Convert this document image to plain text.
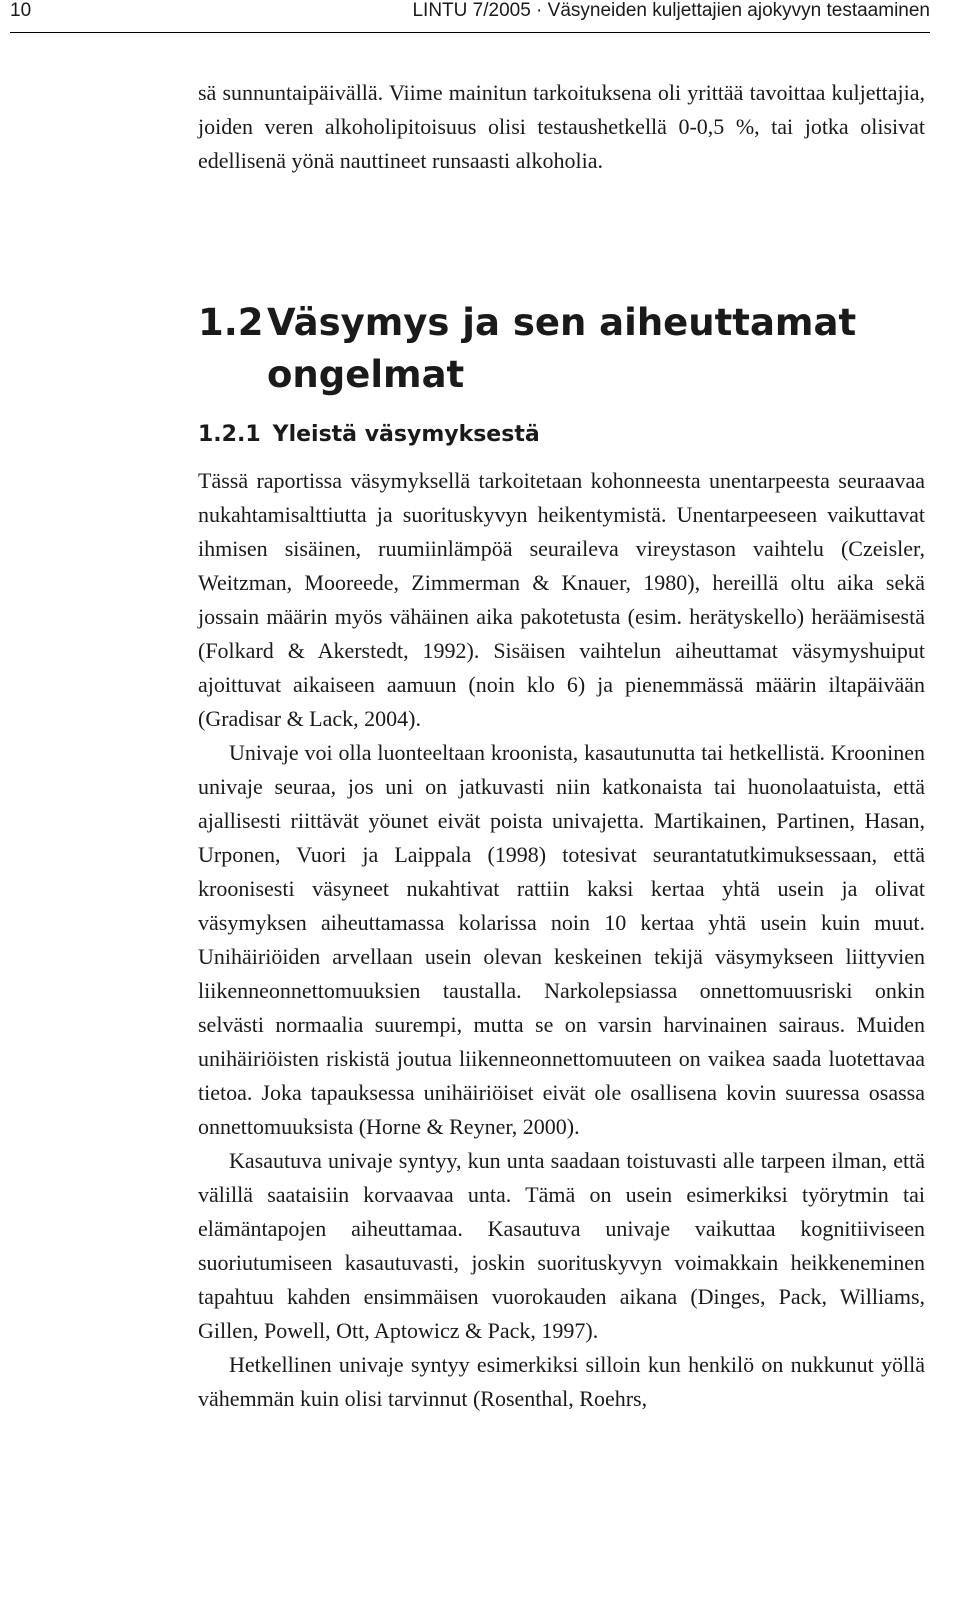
10	LINTU 7/2005 · Väsyneiden kuljettajien ajokyvyn testaaminen

sä sunnuntaipäivällä. Viime mainitun tarkoituksena oli yrittää tavoittaa kuljettajia, joiden veren alkoholipitoisuus olisi testaushetkellä 0-0,5 %, tai jotka olisivat edellisenä yönä nauttineet runsaasti alkoholia.

1.2Väsymys ja sen aiheuttamat
ongelmat
1.2.1 Yleistä väsymyksestä

Tässä raportissa väsymyksellä tarkoitetaan kohonneesta unentarpeesta seuraavaa nukahtamisalttiutta ja suorituskyvyn heikentymistä. Unentarpeeseen vaikuttavat ihmisen sisäinen, ruumiinlämpöä seuraileva vireystason vaihtelu (Czeisler, Weitzman, Mooreede, Zimmerman & Knauer, 1980), hereillä oltu aika sekä jossain määrin myös vähäinen aika pakotetusta (esim. herätyskello) heräämisestä (Folkard & Akerstedt, 1992). Sisäisen vaihtelun aiheuttamat väsymyshuiput ajoittuvat aikaiseen aamuun (noin klo 6) ja pienemmässä määrin iltapäivään (Gradisar & Lack, 2004).

Univaje voi olla luonteeltaan kroonista, kasautunutta tai hetkellistä. Krooninen univaje seuraa, jos uni on jatkuvasti niin katkonaista tai huonolaatuista, että ajallisesti riittävät yöunet eivät poista univajetta. Martikainen, Partinen, Hasan, Urponen, Vuori ja Laippala (1998) totesivat seurantatutkimuksessaan, että kroonisesti väsyneet nukahtivat rattiin kaksi kertaa yhtä usein ja olivat väsymyksen aiheuttamassa kolarissa noin 10 kertaa yhtä usein kuin muut. Unihäiriöiden arvellaan usein olevan keskeinen tekijä väsymykseen liittyvien liikenneonnettomuuksien taustalla. Narkolepsiassa onnettomuusriski onkin selvästi normaalia suurempi, mutta se on varsin harvinainen sairaus. Muiden unihäiriöisten riskistä joutua liikenneonnettomuuteen on vaikea saada luotettavaa tietoa. Joka tapauksessa unihäiriöiset eivät ole osallisena kovin suuressa osassa onnettomuuksista (Horne & Reyner, 2000).

Kasautuva univaje syntyy, kun unta saadaan toistuvasti alle tarpeen ilman, että välillä saataisiin korvaavaa unta. Tämä on usein esimerkiksi työrytmin tai elämäntapojen aiheuttamaa. Kasautuva univaje vaikuttaa kognitiiviseen suoriutumiseen kasautuvasti, joskin suorituskyvyn voimakkain heikkeneminen tapahtuu kahden ensimmäisen vuorokauden aikana (Dinges, Pack, Williams, Gillen, Powell, Ott, Aptowicz & Pack, 1997).

Hetkellinen univaje syntyy esimerkiksi silloin kun henkilö on nukkunut yöllä vähemmän kuin olisi tarvinnut (Rosenthal, Roehrs,
